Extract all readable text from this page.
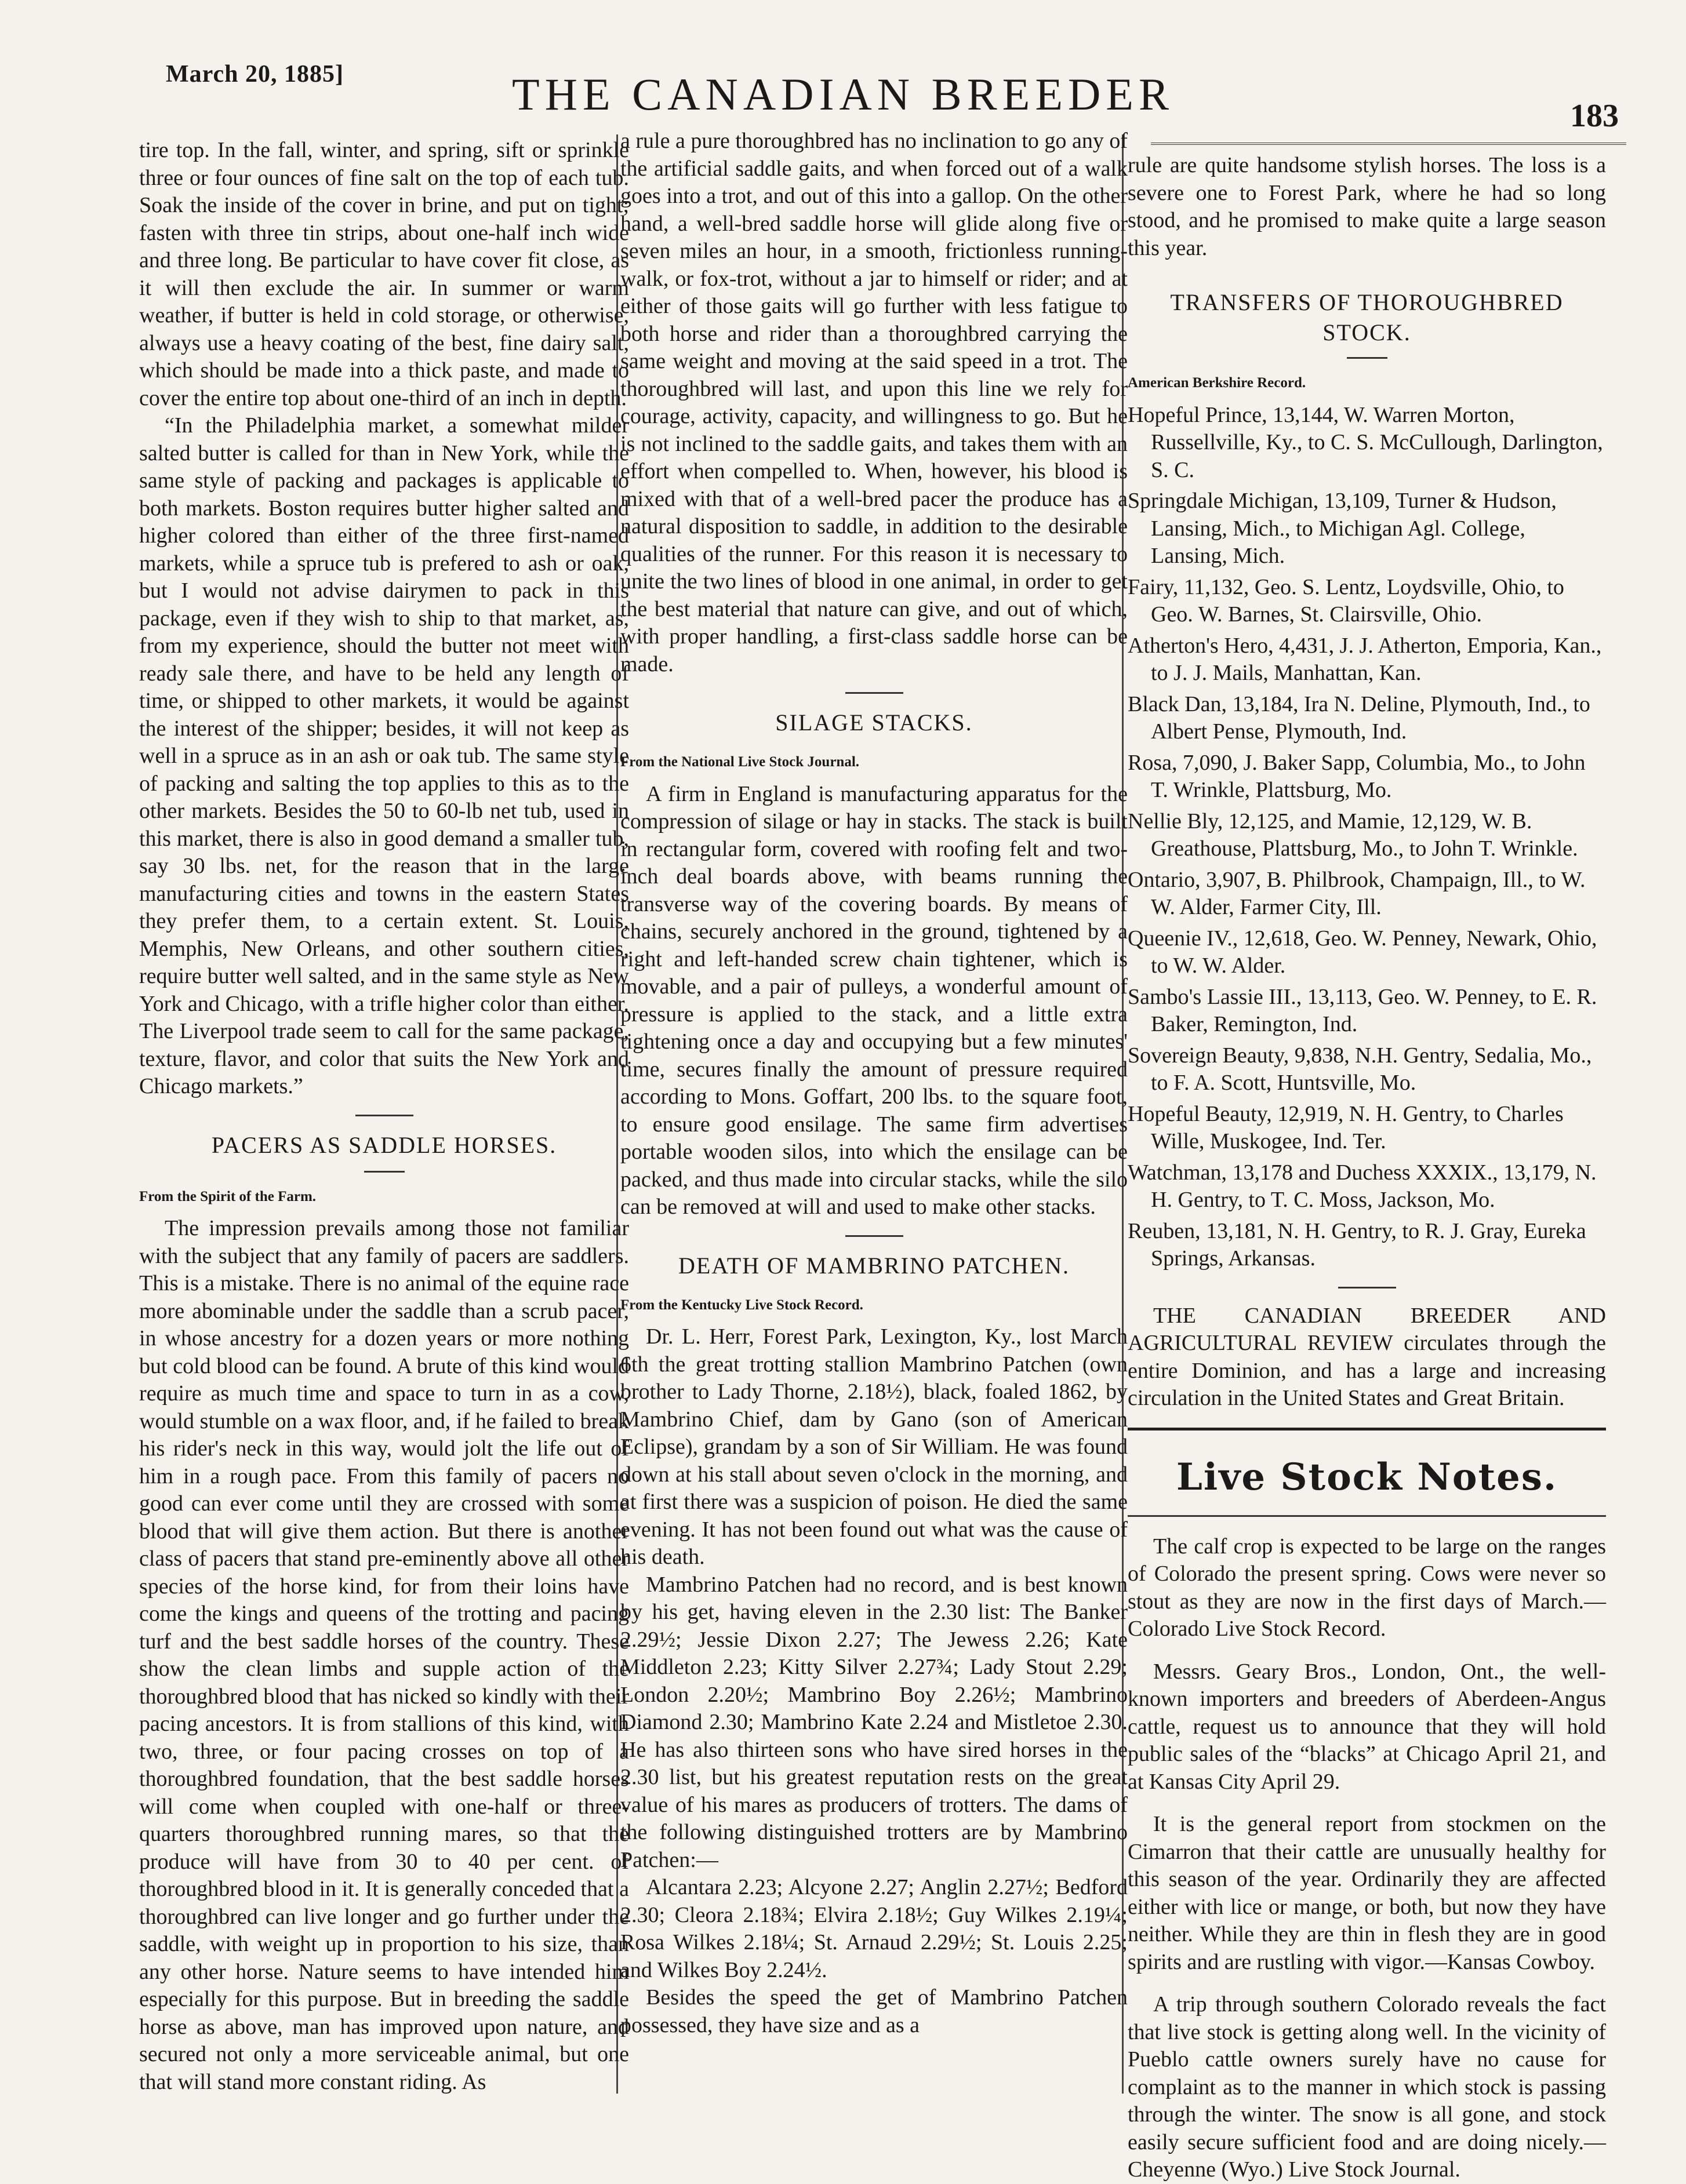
March 20, 1885]	THE CANADIAN BREEDER	183

tire top. In the fall, winter, and spring, sift or sprinkle three or four ounces of fine salt on the top of each tub. Soak the inside of the cover in brine, and put on tight; fasten with three tin strips, about one-half inch wide and three long. Be particular to have cover fit close, as it will then exclude the air. In summer or warm weather, if butter is held in cold storage, or otherwise, always use a heavy coating of the best, fine dairy salt, which should be made into a thick paste, and made to cover the entire top about one-third of an inch in depth.

“In the Philadelphia market, a somewhat milder salted butter is called for than in New York, while the same style of packing and packages is applicable to both markets. Boston requires butter higher salted and higher colored than either of the three first-named markets, while a spruce tub is prefered to ash or oak, but I would not advise dairymen to pack in this package, even if they wish to ship to that market, as, from my experience, should the butter not meet with ready sale there, and have to be held any length of time, or shipped to other markets, it would be against the interest of the shipper; besides, it will not keep as well in a spruce as in an ash or oak tub. The same style of packing and salting the top applies to this as to the other markets. Besides the 50 to 60-lb net tub, used in this market, there is also in good demand a smaller tub, say 30 lbs. net, for the reason that in the large manufacturing cities and towns in the eastern States they prefer them, to a certain extent. St. Louis, Memphis, New Orleans, and other southern cities, require butter well salted, and in the same style as New York and Chicago, with a trifle higher color than either. The Liverpool trade seem to call for the same package, texture, flavor, and color that suits the New York and Chicago markets.”

PACERS AS SADDLE HORSES.
From the Spirit of the Farm.

The impression prevails among those not familiar with the subject that any family of pacers are saddlers. This is a mistake. There is no animal of the equine race more abominable under the saddle than a scrub pacer, in whose ancestry for a dozen years or more nothing but cold blood can be found. A brute of this kind would require as much time and space to turn in as a cow, would stumble on a wax floor, and, if he failed to break his rider's neck in this way, would jolt the life out of him in a rough pace. From this family of pacers no good can ever come until they are crossed with some blood that will give them action. But there is another class of pacers that stand pre-eminently above all other species of the horse kind, for from their loins have come the kings and queens of the trotting and pacing turf and the best saddle horses of the country. These show the clean limbs and supple action of the thoroughbred blood that has nicked so kindly with their pacing ancestors. It is from stallions of this kind, with two, three, or four pacing crosses on top of a thoroughbred foundation, that the best saddle horses will come when coupled with one-half or three-quarters thoroughbred running mares, so that the produce will have from 30 to 40 per cent. of thoroughbred blood in it. It is generally conceded that a thoroughbred can live longer and go further under the saddle, with weight up in proportion to his size, than any other horse. Nature seems to have intended him especially for this purpose. But in breeding the saddle horse as above, man has improved upon nature, and secured not only a more serviceable animal, but one that will stand more constant riding. As

a rule a pure thoroughbred has no inclination to go any of the artificial saddle gaits, and when forced out of a walk goes into a trot, and out of this into a gallop. On the other hand, a well-bred saddle horse will glide along five or seven miles an hour, in a smooth, frictionless running-walk, or fox-trot, without a jar to himself or rider; and at either of those gaits will go further with less fatigue to both horse and rider than a thoroughbred carrying the same weight and moving at the said speed in a trot. The thoroughbred will last, and upon this line we rely for courage, activity, capacity, and willingness to go. But he is not inclined to the saddle gaits, and takes them with an effort when compelled to. When, however, his blood is mixed with that of a well-bred pacer the produce has a natural disposition to saddle, in addition to the desirable qualities of the runner. For this reason it is necessary to unite the two lines of blood in one animal, in order to get the best material that nature can give, and out of which, with proper handling, a first-class saddle horse can be made.

SILAGE STACKS.
From the National Live Stock Journal.

A firm in England is manufacturing apparatus for the compression of silage or hay in stacks. The stack is built in rectangular form, covered with roofing felt and two-inch deal boards above, with beams running the transverse way of the covering boards. By means of chains, securely anchored in the ground, tightened by a right and left-handed screw chain tightener, which is movable, and a pair of pulleys, a wonderful amount of pressure is applied to the stack, and a little extra tightening once a day and occupying but a few minutes' time, secures finally the amount of pressure required according to Mons. Goffart, 200 lbs. to the square foot, to ensure good ensilage. The same firm advertises portable wooden silos, into which the ensilage can be packed, and thus made into circular stacks, while the silo can be removed at will and used to make other stacks.

DEATH OF MAMBRINO PATCHEN.
From the Kentucky Live Stock Record.

Dr. L. Herr, Forest Park, Lexington, Ky., lost March 6th the great trotting stallion Mambrino Patchen (own brother to Lady Thorne, 2.18½), black, foaled 1862, by Mambrino Chief, dam by Gano (son of American Eclipse), grandam by a son of Sir William. He was found down at his stall about seven o'clock in the morning, and at first there was a suspicion of poison. He died the same evening. It has not been found out what was the cause of his death.

Mambrino Patchen had no record, and is best known by his get, having eleven in the 2.30 list: The Banker 2.29½; Jessie Dixon 2.27; The Jewess 2.26; Kate Middleton 2.23; Kitty Silver 2.27¾; Lady Stout 2.29; London 2.20½; Mambrino Boy 2.26½; Mambrino Diamond 2.30; Mambrino Kate 2.24 and Mistletoe 2.30. He has also thirteen sons who have sired horses in the 2.30 list, but his greatest reputation rests on the great value of his mares as producers of trotters. The dams of the following distinguished trotters are by Mambrino Patchen:—

Alcantara 2.23; Alcyone 2.27; Anglin 2.27½; Bedford 2.30; Cleora 2.18¾; Elvira 2.18½; Guy Wilkes 2.19¼; Rosa Wilkes 2.18¼; St. Arnaud 2.29½; St. Louis 2.25; and Wilkes Boy 2.24½.

Besides the speed the get of Mambrino Patchen possessed, they have size and as a

rule are quite handsome stylish horses. The loss is a severe one to Forest Park, where he had so long stood, and he promised to make quite a large season this year.

TRANSFERS OF THOROUGHBRED STOCK.
American Berkshire Record.

Hopeful Prince, 13,144, W. Warren Morton, Russellville, Ky., to C. S. McCullough, Darlington, S. C.

Springdale Michigan, 13,109, Turner & Hudson, Lansing, Mich., to Michigan Agl. College, Lansing, Mich.

Fairy, 11,132, Geo. S. Lentz, Loydsville, Ohio, to Geo. W. Barnes, St. Clairsville, Ohio.

Atherton's Hero, 4,431, J. J. Atherton, Emporia, Kan., to J. J. Mails, Manhattan, Kan.

Black Dan, 13,184, Ira N. Deline, Plymouth, Ind., to Albert Pense, Plymouth, Ind.

Rosa, 7,090, J. Baker Sapp, Columbia, Mo., to John T. Wrinkle, Plattsburg, Mo.

Nellie Bly, 12,125, and Mamie, 12,129, W. B. Greathouse, Plattsburg, Mo., to John T. Wrinkle.

Ontario, 3,907, B. Philbrook, Champaign, Ill., to W. W. Alder, Farmer City, Ill.

Queenie IV., 12,618, Geo. W. Penney, Newark, Ohio, to W. W. Alder.

Sambo's Lassie III., 13,113, Geo. W. Penney, to E. R. Baker, Remington, Ind.

Sovereign Beauty, 9,838, N.H. Gentry, Sedalia, Mo., to F. A. Scott, Huntsville, Mo.

Hopeful Beauty, 12,919, N. H. Gentry, to Charles Wille, Muskogee, Ind. Ter.

Watchman, 13,178 and Duchess XXXIX., 13,179, N. H. Gentry, to T. C. Moss, Jackson, Mo.

Reuben, 13,181, N. H. Gentry, to R. J. Gray, Eureka Springs, Arkansas.

THE CANADIAN BREEDER AND AGRICULTURAL REVIEW circulates through the entire Dominion, and has a large and increasing circulation in the United States and Great Britain.

Live Stock Notes.

The calf crop is expected to be large on the ranges of Colorado the present spring. Cows were never so stout as they are now in the first days of March.—Colorado Live Stock Record.

Messrs. Geary Bros., London, Ont., the well-known importers and breeders of Aberdeen-Angus cattle, request us to announce that they will hold public sales of the “blacks” at Chicago April 21, and at Kansas City April 29.

It is the general report from stockmen on the Cimarron that their cattle are unusually healthy for this season of the year. Ordinarily they are affected either with lice or mange, or both, but now they have neither. While they are thin in flesh they are in good spirits and are rustling with vigor.—Kansas Cowboy.

A trip through southern Colorado reveals the fact that live stock is getting along well. In the vicinity of Pueblo cattle owners surely have no cause for complaint as to the manner in which stock is passing through the winter. The snow is all gone, and stock easily secure sufficient food and are doing nicely.—Cheyenne (Wyo.) Live Stock Journal.
